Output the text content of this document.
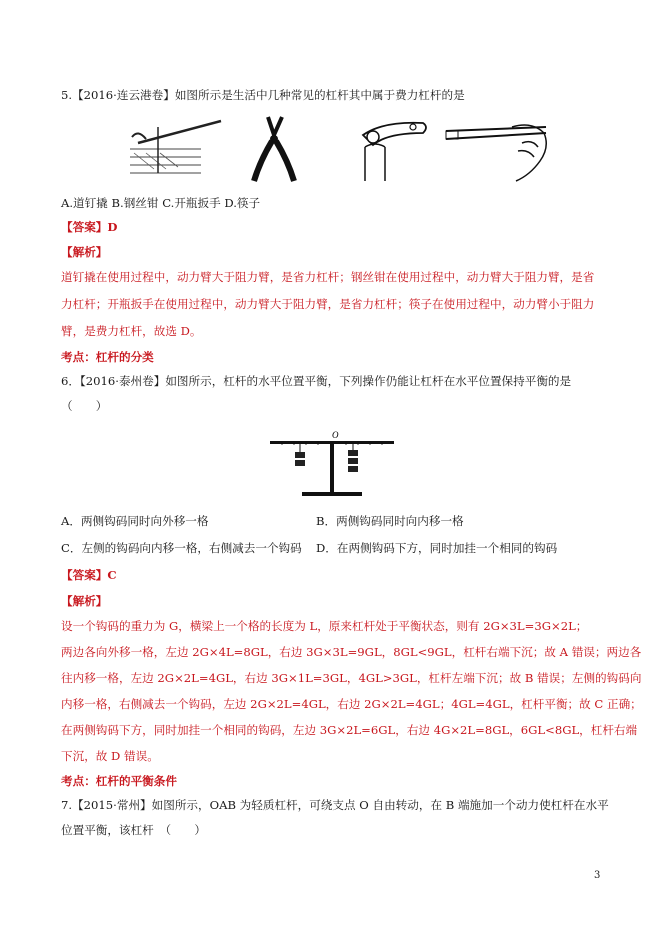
5.【2016·连云港卷】如图所示是生活中几种常见的杠杆其中属于费力杠杆的是
A.道钉撬 B.钢丝钳 C.开瓶扳手 D.筷子
【答案】D
【解析】
道钉撬在使用过程中，动力臂大于阻力臂，是省力杠杆；钢丝钳在使用过程中，动力臂大于阻力臂，是省
力杠杆；开瓶扳手在使用过程中，动力臂大于阻力臂，是省力杠杆；筷子在使用过程中，动力臂小于阻力
臂，是费力杠杆，故选 D。
考点：杠杆的分类
6．【2016·泰州卷】如图所示，杠杆的水平位置平衡，下列操作仍能让杠杆在水平位置保持平衡的是
（　　）
O
A．两侧钩码同时向外移一格	B．两侧钩码同时向内移一格
C．左侧的钩码向内移一格，右侧减去一个钩码 D．在两侧钩码下方，同时加挂一个相同的钩码
【答案】C
【解析】
设一个钩码的重力为 G，横梁上一个格的长度为 L，原来杠杆处于平衡状态，则有 2G×3L=3G×2L；
两边各向外移一格，左边 2G×4L=8GL，右边 3G×3L=9GL，8GL<9GL，杠杆右端下沉；故 A 错误；两边各
往内移一格，左边 2G×2L=4GL，右边 3G×1L=3GL，4GL>3GL，杠杆左端下沉；故 B 错误；左侧的钩码向
内移一格，右侧减去一个钩码，左边 2G×2L=4GL，右边 2G×2L=4GL；4GL=4GL，杠杆平衡；故 C 正确；
在两侧钩码下方，同时加挂一个相同的钩码，左边 3G×2L=6GL，右边 4G×2L=8GL，6GL<8GL，杠杆右端
下沉，故 D 错误。
考点：杠杆的平衡条件
7.【2015·常州】如图所示，OAB 为轻质杠杆，可绕支点 O 自由转动，在 B 端施加一个动力使杠杆在水平
位置平衡，该杠杆　（　　）
3
